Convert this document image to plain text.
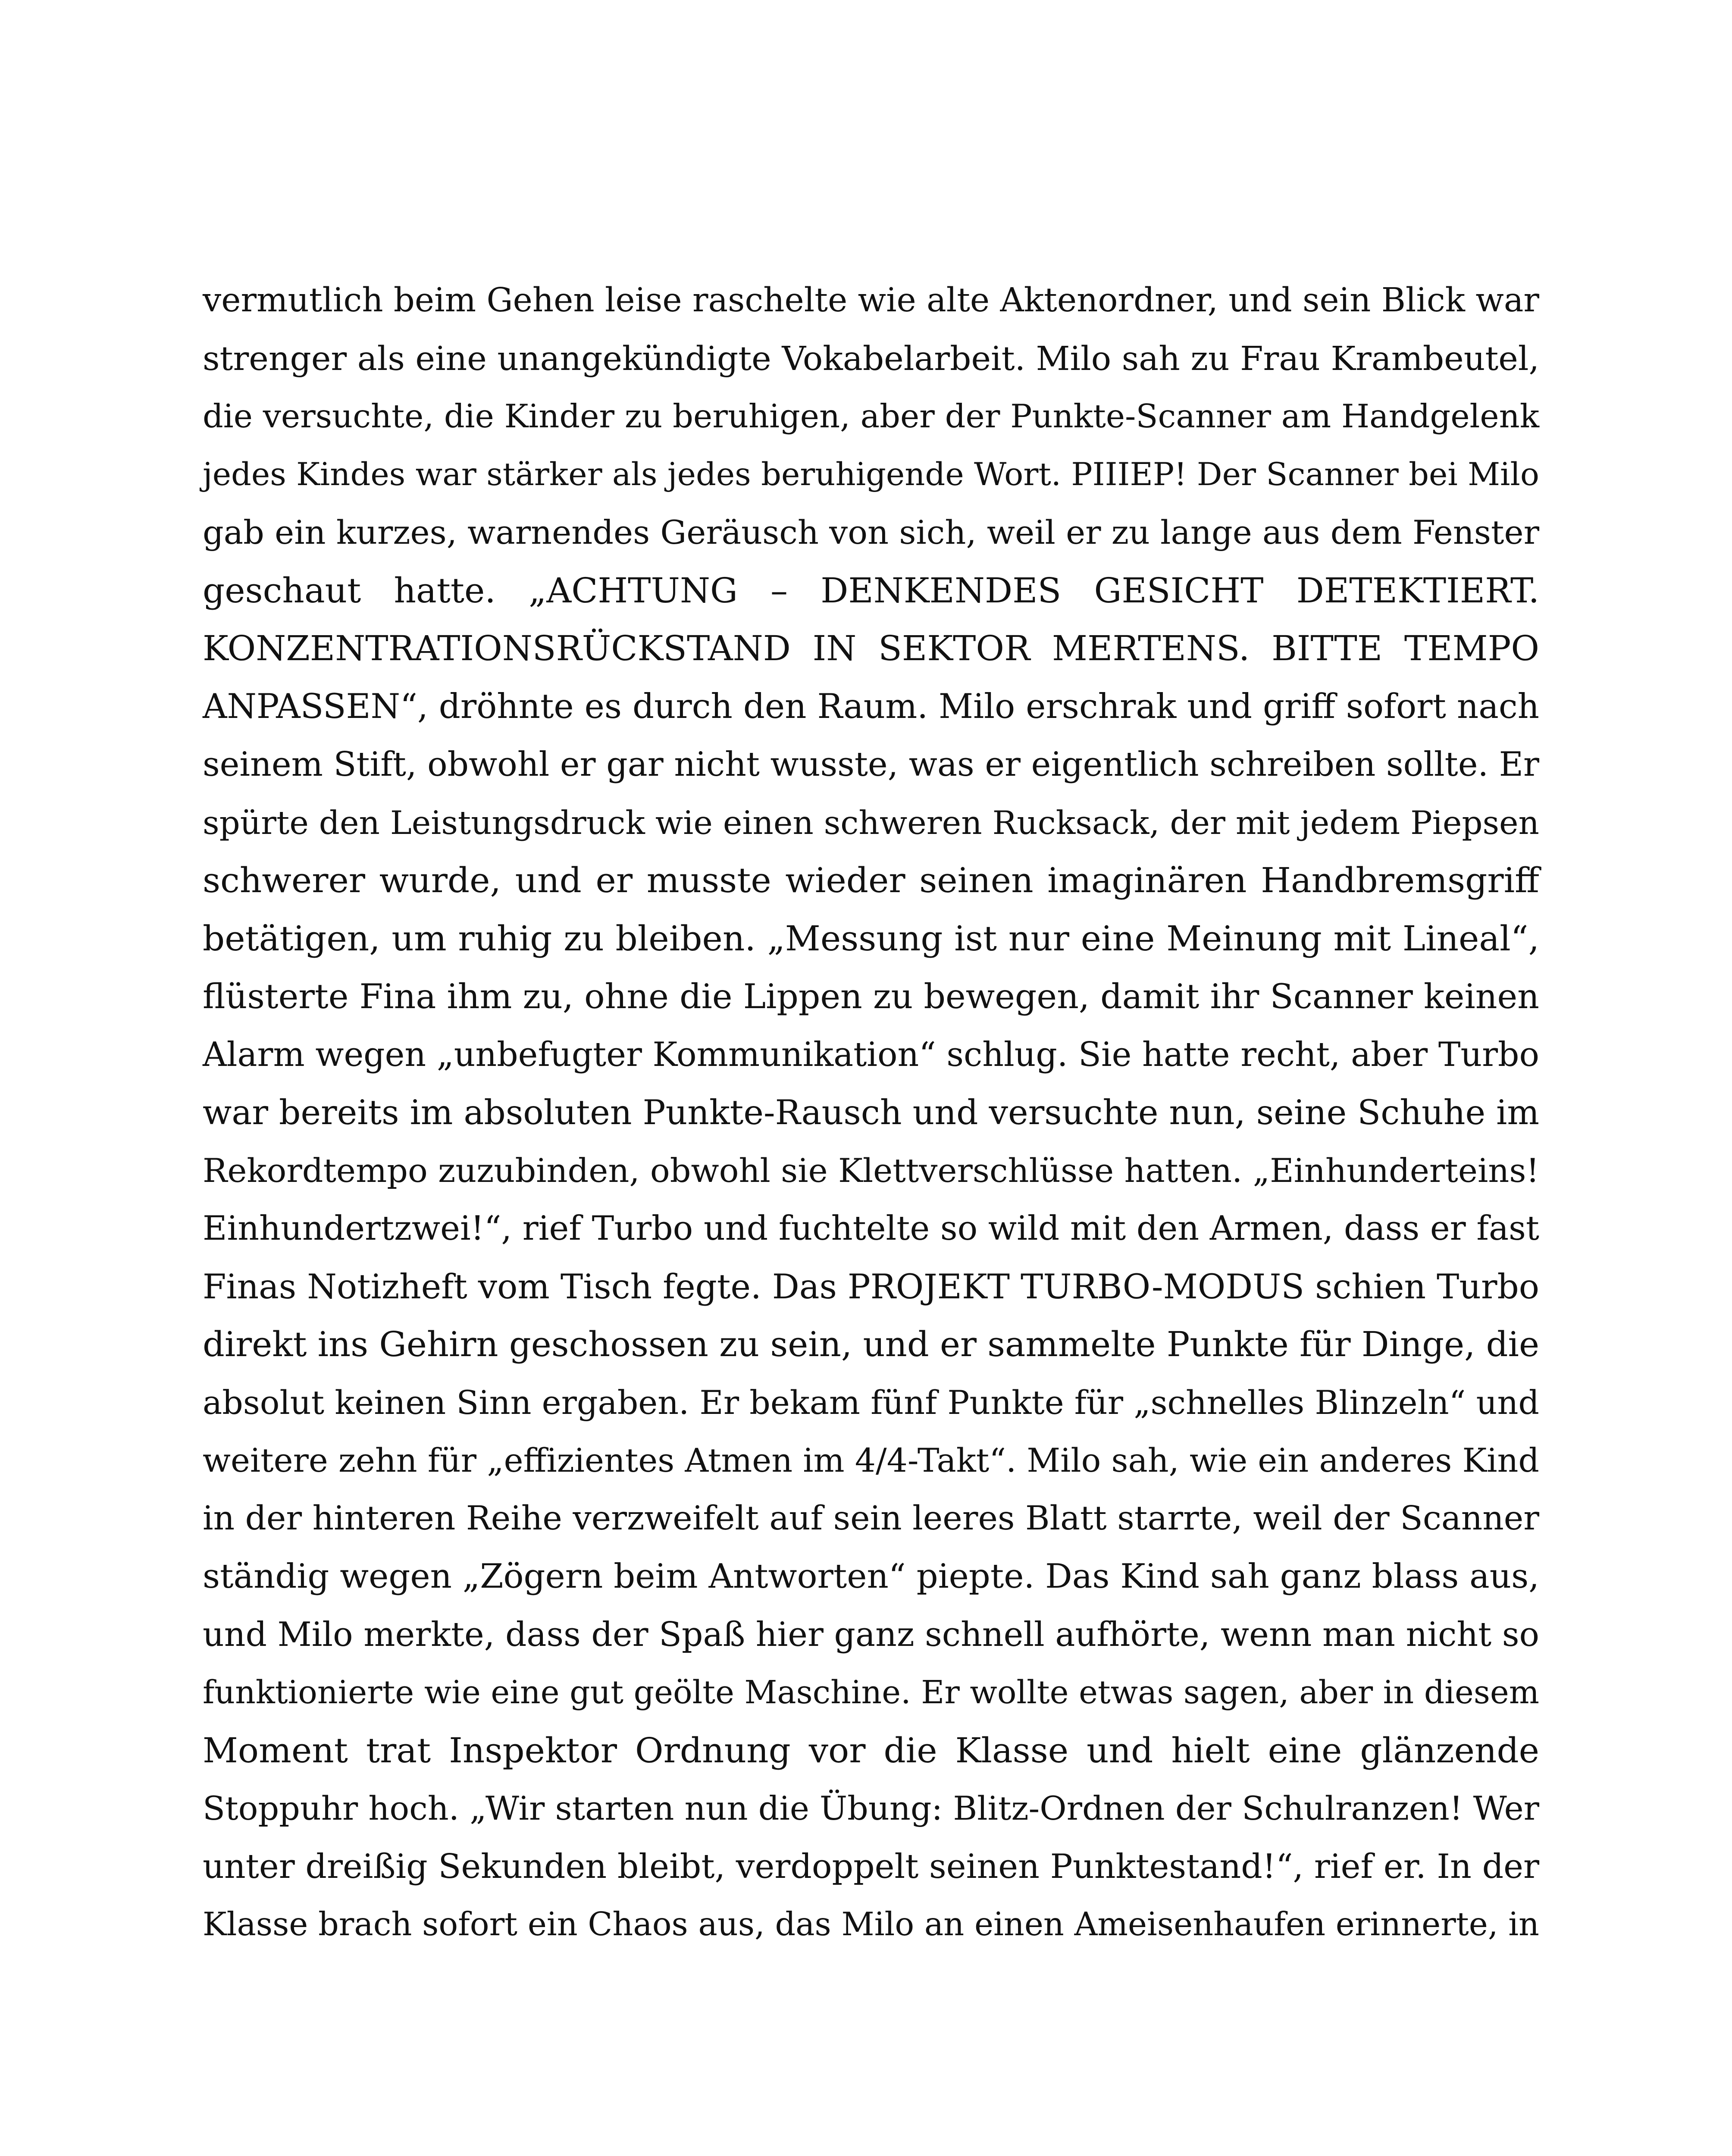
vermutlich beim Gehen leise raschelte wie alte Aktenordner, und sein Blick war
strenger als eine unangekündigte Vokabelarbeit. Milo sah zu Frau Krambeutel,
die versuchte, die Kinder zu beruhigen, aber der Punkte-Scanner am Handgelenk
jedes Kindes war stärker als jedes beruhigende Wort. PIIIEP! Der Scanner bei Milo
gab ein kurzes, warnendes Geräusch von sich, weil er zu lange aus dem Fenster
geschaut hatte. „ACHTUNG – DENKENDES GESICHT DETEKTIERT.
KONZENTRATIONSRÜCKSTAND IN SEKTOR MERTENS. BITTE TEMPO
ANPASSEN“, dröhnte es durch den Raum. Milo erschrak und griff sofort nach
seinem Stift, obwohl er gar nicht wusste, was er eigentlich schreiben sollte. Er
spürte den Leistungsdruck wie einen schweren Rucksack, der mit jedem Piepsen
schwerer wurde, und er musste wieder seinen imaginären Handbremsgriff
betätigen, um ruhig zu bleiben. „Messung ist nur eine Meinung mit Lineal“,
flüsterte Fina ihm zu, ohne die Lippen zu bewegen, damit ihr Scanner keinen
Alarm wegen „unbefugter Kommunikation“ schlug. Sie hatte recht, aber Turbo
war bereits im absoluten Punkte-Rausch und versuchte nun, seine Schuhe im
Rekordtempo zuzubinden, obwohl sie Klettverschlüsse hatten. „Einhunderteins!
Einhundertzwei!“, rief Turbo und fuchtelte so wild mit den Armen, dass er fast
Finas Notizheft vom Tisch fegte. Das PROJEKT TURBO-MODUS schien Turbo
direkt ins Gehirn geschossen zu sein, und er sammelte Punkte für Dinge, die
absolut keinen Sinn ergaben. Er bekam fünf Punkte für „schnelles Blinzeln“ und
weitere zehn für „effizientes Atmen im 4/4-Takt“. Milo sah, wie ein anderes Kind
in der hinteren Reihe verzweifelt auf sein leeres Blatt starrte, weil der Scanner
ständig wegen „Zögern beim Antworten“ piepte. Das Kind sah ganz blass aus,
und Milo merkte, dass der Spaß hier ganz schnell aufhörte, wenn man nicht so
funktionierte wie eine gut geölte Maschine. Er wollte etwas sagen, aber in diesem
Moment trat Inspektor Ordnung vor die Klasse und hielt eine glänzende
Stoppuhr hoch. „Wir starten nun die Übung: Blitz-Ordnen der Schulranzen! Wer
unter dreißig Sekunden bleibt, verdoppelt seinen Punktestand!“, rief er. In der
Klasse brach sofort ein Chaos aus, das Milo an einen Ameisenhaufen erinnerte, in
